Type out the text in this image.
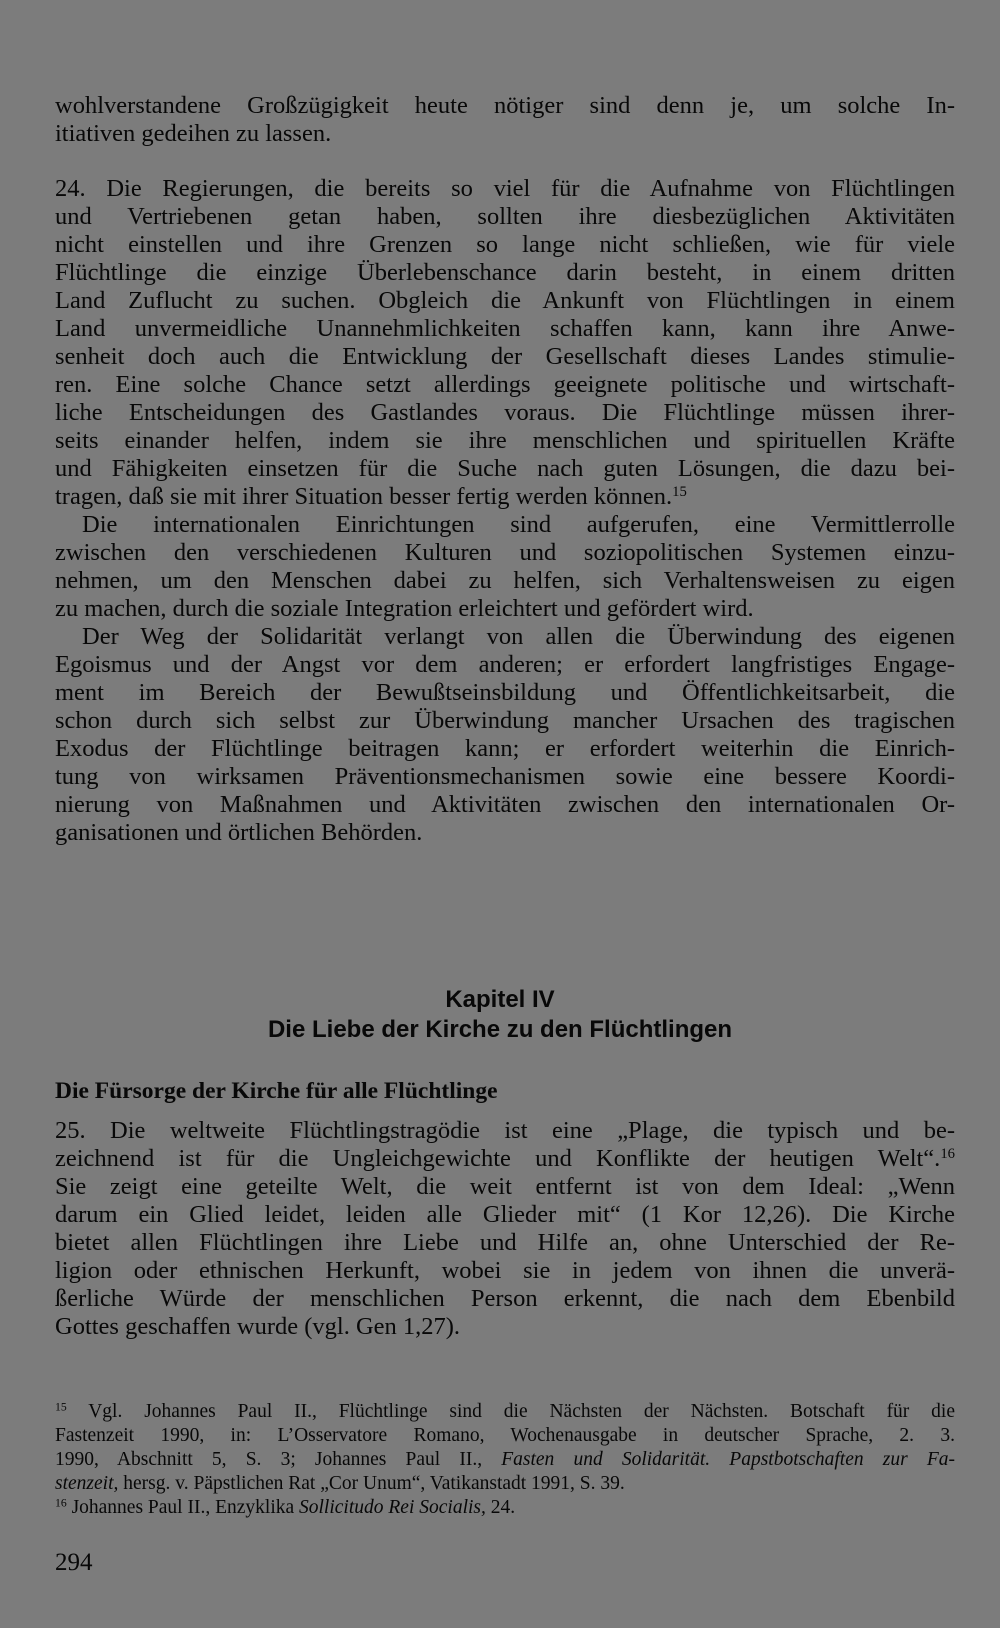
wohlverstandene Großzügigkeit heute nötiger sind denn je, um solche In-
itiativen gedeihen zu lassen.
24. Die Regierungen, die bereits so viel für die Aufnahme von Flüchtlingen
und Vertriebenen getan haben, sollten ihre diesbezüglichen Aktivitäten
nicht einstellen und ihre Grenzen so lange nicht schließen, wie für viele
Flüchtlinge die einzige Überlebenschance darin besteht, in einem dritten
Land Zuflucht zu suchen. Obgleich die Ankunft von Flüchtlingen in einem
Land unvermeidliche Unannehmlichkeiten schaffen kann, kann ihre Anwe-
senheit doch auch die Entwicklung der Gesellschaft dieses Landes stimulie-
ren. Eine solche Chance setzt allerdings geeignete politische und wirtschaft-
liche Entscheidungen des Gastlandes voraus. Die Flüchtlinge müssen ihrer-
seits einander helfen, indem sie ihre menschlichen und spirituellen Kräfte
und Fähigkeiten einsetzen für die Suche nach guten Lösungen, die dazu bei-
tragen, daß sie mit ihrer Situation besser fertig werden können.$^{15}$
Die internationalen Einrichtungen sind aufgerufen, eine Vermittlerrolle
zwischen den verschiedenen Kulturen und soziopolitischen Systemen einzu-
nehmen, um den Menschen dabei zu helfen, sich Verhaltensweisen zu eigen
zu machen, durch die soziale Integration erleichtert und gefördert wird.
Der Weg der Solidarität verlangt von allen die Überwindung des eigenen
Egoismus und der Angst vor dem anderen; er erfordert langfristiges Engage-
ment im Bereich der Bewußtseinsbildung und Öffentlichkeitsarbeit, die
schon durch sich selbst zur Überwindung mancher Ursachen des tragischen
Exodus der Flüchtlinge beitragen kann; er erfordert weiterhin die Einrich-
tung von wirksamen Präventionsmechanismen sowie eine bessere Koordi-
nierung von Maßnahmen und Aktivitäten zwischen den internationalen Or-
ganisationen und örtlichen Behörden.
Kapitel IV
Die Liebe der Kirche zu den Flüchtlingen
Die Fürsorge der Kirche für alle Flüchtlinge
25. Die weltweite Flüchtlingstragödie ist eine „Plage, die typisch und be-
zeichnend ist für die Ungleichgewichte und Konflikte der heutigen Welt“.$^{16}$
Sie zeigt eine geteilte Welt, die weit entfernt ist von dem Ideal: „Wenn
darum ein Glied leidet, leiden alle Glieder mit“ (1 Kor 12,26). Die Kirche
bietet allen Flüchtlingen ihre Liebe und Hilfe an, ohne Unterschied der Re-
ligion oder ethnischen Herkunft, wobei sie in jedem von ihnen die unverä-
ßerliche Würde der menschlichen Person erkennt, die nach dem Ebenbild
Gottes geschaffen wurde (vgl. Gen 1,27).
$^{15}$ Vgl. Johannes Paul II., Flüchtlinge sind die Nächsten der Nächsten. Botschaft für die
Fastenzeit 1990, in: L’Osservatore Romano, Wochenausgabe in deutscher Sprache, 2. 3.
1990, Abschnitt 5, S. 3; Johannes Paul II., Fasten und Solidarität. Papstbotschaften zur Fa-
stenzeit, hersg. v. Päpstlichen Rat „Cor Unum“, Vatikanstadt 1991, S. 39.
$^{16}$ Johannes Paul II., Enzyklika Sollicitudo Rei Socialis, 24.
294
